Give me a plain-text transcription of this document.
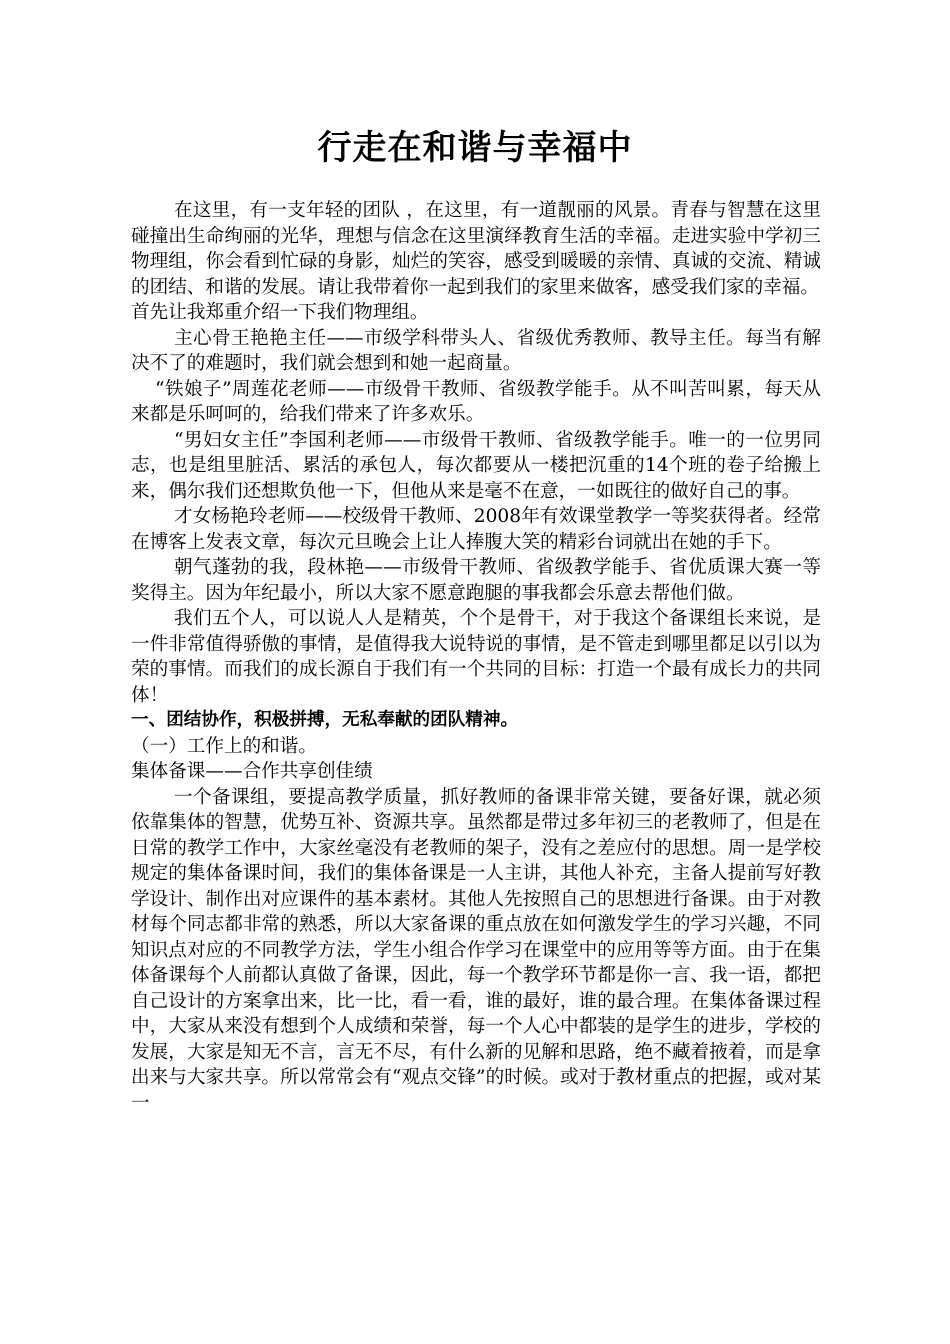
行走在和谐与幸福中

在这里，有一支年轻的团队 ，在这里，有一道靓丽的风景。青春与智慧在这里碰撞出生命绚丽的光华，理想与信念在这里演绎教育生活的幸福。走进实验中学初三物理组，你会看到忙碌的身影，灿烂的笑容，感受到暖暖的亲情、真诚的交流、精诚的团结、和谐的发展。请让我带着你一起到我们的家里来做客，感受我们家的幸福。

首先让我郑重介绍一下我们物理组。

主心骨王艳艳主任——市级学科带头人、省级优秀教师、教导主任。每当有解决不了的难题时，我们就会想到和她一起商量。

“铁娘子”周莲花老师——市级骨干教师、省级教学能手。从不叫苦叫累，每天从来都是乐呵呵的，给我们带来了许多欢乐。

“男妇女主任”李国利老师——市级骨干教师、省级教学能手。唯一的一位男同志，也是组里脏活、累活的承包人，每次都要从一楼把沉重的14个班的卷子给搬上来，偶尔我们还想欺负他一下，但他从来是毫不在意，一如既往的做好自己的事。

才女杨艳玲老师——校级骨干教师、2008年有效课堂教学一等奖获得者。经常在博客上发表文章，每次元旦晚会上让人捧腹大笑的精彩台词就出在她的手下。

朝气蓬勃的我，段林艳——市级骨干教师、省级教学能手、省优质课大赛一等奖得主。因为年纪最小，所以大家不愿意跑腿的事我都会乐意去帮他们做。

我们五个人，可以说人人是精英，个个是骨干，对于我这个备课组长来说，是一件非常值得骄傲的事情，是值得我大说特说的事情，是不管走到哪里都足以引以为荣的事情。而我们的成长源自于我们有一个共同的目标：打造一个最有成长力的共同体！

一、团结协作，积极拼搏，无私奉献的团队精神。

（一）工作上的和谐。

集体备课——合作共享创佳绩

一个备课组，要提高教学质量，抓好教师的备课非常关键，要备好课，就必须依靠集体的智慧，优势互补、资源共享。虽然都是带过多年初三的老教师了，但是在日常的教学工作中，大家丝毫没有老教师的架子，没有之差应付的思想。周一是学校规定的集体备课时间，我们的集体备课是一人主讲，其他人补充，主备人提前写好教学设计、制作出对应课件的基本素材。其他人先按照自己的思想进行备课。由于对教材每个同志都非常的熟悉，所以大家备课的重点放在如何激发学生的学习兴趣，不同知识点对应的不同教学方法，学生小组合作学习在课堂中的应用等等方面。由于在集体备课每个人前都认真做了备课，因此，每一个教学环节都是你一言、我一语，都把自己设计的方案拿出来，比一比，看一看，谁的最好，谁的最合理。在集体备课过程中，大家从来没有想到个人成绩和荣誉，每一个人心中都装的是学生的进步，学校的发展，大家是知无不言，言无不尽，有什么新的见解和思路，绝不藏着掖着，而是拿出来与大家共享。所以常常会有“观点交锋”的时候。或对于教材重点的把握，或对某一
